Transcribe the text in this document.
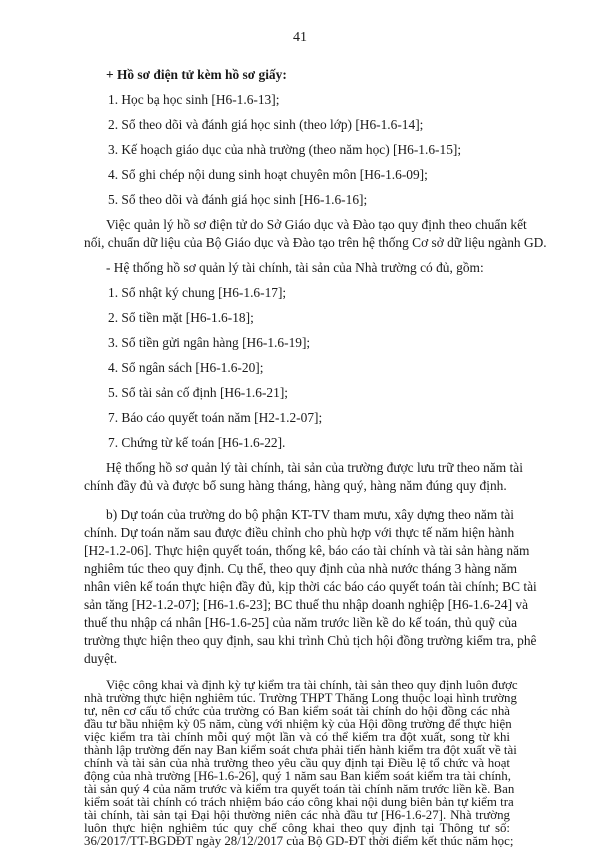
41
+ Hồ sơ điện tử kèm hồ sơ giấy:
1. Học bạ học sinh [H6-1.6-13];
2. Sổ theo dõi và đánh giá học sinh (theo lớp) [H6-1.6-14];
3. Kế hoạch giáo dục của nhà trường (theo năm học) [H6-1.6-15];
4. Sổ ghi chép nội dung sinh hoạt chuyên môn [H6-1.6-09];
5. Sổ theo dõi và đánh giá học sinh [H6-1.6-16];
Việc quản lý hồ sơ điện tử do Sở Giáo dục và Đào tạo quy định theo chuẩn kết
nối, chuẩn dữ liệu của Bộ Giáo dục và Đào tạo trên hệ thống Cơ sở dữ liệu ngành GD.
- Hệ thống hồ sơ quản lý tài chính, tài sản của Nhà trường có đủ, gồm:
1. Sổ nhật ký chung [H6-1.6-17];
2. Sổ tiền mặt [H6-1.6-18];
3. Sổ tiền gửi ngân hàng [H6-1.6-19];
4. Sổ ngân sách [H6-1.6-20];
5. Sổ tài sản cố định [H6-1.6-21];
7. Báo cáo quyết toán năm [H2-1.2-07];
7. Chứng từ kế toán [H6-1.6-22].
Hệ thống hồ sơ quản lý tài chính, tài sản của trường được lưu trữ theo năm tài
chính đầy đủ và được bổ sung hàng tháng, hàng quý, hàng năm đúng quy định.
b) Dự toán của trường do bộ phận KT-TV tham mưu, xây dựng theo năm tài
chính. Dự toán năm sau được điều chỉnh cho phù hợp với thực tế năm hiện hành
[H2-1.2-06]. Thực hiện quyết toán, thống kê, báo cáo tài chính và tài sản hàng năm
nghiêm túc theo quy định. Cụ thể, theo quy định của nhà nước tháng 3 hàng năm
nhân viên kế toán thực hiện đầy đủ, kịp thời các báo cáo quyết toán tài chính; BC tài
sản tăng [H2-1.2-07]; [H6-1.6-23]; BC thuế thu nhập doanh nghiệp [H6-1.6-24] và
thuế thu nhập cá nhân [H6-1.6-25] của năm trước liền kề do kế toán, thủ quỹ của
trường thực hiện theo quy định, sau khi trình Chủ tịch hội đồng trường kiểm tra, phê
duyệt.
Việc công khai và định kỳ tự kiểm tra tài chính, tài sản theo quy định luôn được
nhà trường thực hiện nghiêm túc. Trường THPT Thăng Long thuộc loại hình trường
tư, nên cơ cấu tổ chức của trường có Ban kiểm soát tài chính do hội đồng các nhà
đầu tư bầu nhiệm kỳ 05 năm, cùng với nhiệm kỳ của Hội đồng trường để thực hiện
việc kiểm tra tài chính mỗi quý một lần và có thể kiểm tra đột xuất, song từ khi
thành lập trường đến nay Ban kiểm soát chưa phải tiến hành kiểm tra đột xuất về tài
chính và tài sản của nhà trường theo yêu cầu quy định tại Điều lệ tổ chức và hoạt
động của nhà trường [H6-1.6-26], quý 1 năm sau Ban kiểm soát kiểm tra tài chính,
tài sản quý 4 của năm trước và kiểm tra quyết toán tài chính năm trước liền kề. Ban
kiểm soát tài chính có trách nhiệm báo cáo công khai nội dung biên bản tự kiểm tra
tài chính, tài sản tại Đại hội thường niên các nhà đầu tư [H6-1.6-27]. Nhà trường
luôn thực hiện nghiêm túc quy chế công khai theo quy định tại Thông tư số:
36/2017/TT-BGDĐT ngày 28/12/2017 của Bộ GD-ĐT thời điểm kết thúc năm học;
